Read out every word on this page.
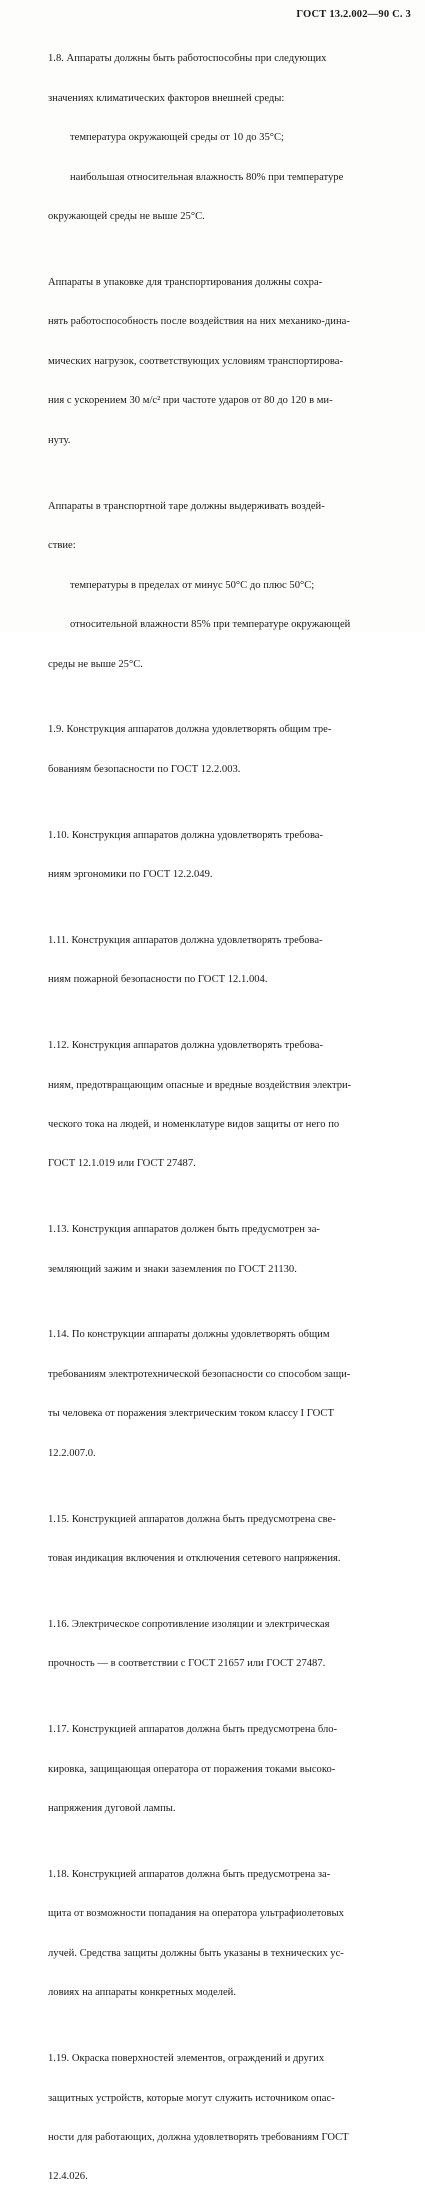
ГОСТ 13.2.002—90 С. 3

1.8. Аппараты должны быть работоспособны при следующих

значениях климатических факторов внешней среды:

температура окружающей среды от 10 до 35°С;

наибольшая относительная влажность 80% при температуре

окружающей среды не выше 25°С.

Аппараты в упаковке для транспортирования должны сохра-

нять работоспособность после воздействия на них механико-динa-

мических нагрузок, соответствующих условиям транспортирова-

ния с ускорением 30 м/с² при частоте ударов от 80 до 120 в ми-

нуту.

Аппараты в транспортной таре должны выдерживать воздей-

ствие:

температуры в пределах от минус 50°С до плюс 50°С;

относительной влажности 85% при температуре окружающей

среды не выше 25°С.

1.9. Конструкция аппаратов должна удовлетворять общим тре-

бованиям безопасности по ГОСТ 12.2.003.

1.10. Конструкция аппаратов должна удовлетворять требова-

ниям эргономики по ГОСТ 12.2.049.

1.11. Конструкция аппаратов должна удовлетворять требова-

ниям пожарной безопасности по ГОСТ 12.1.004.

1.12. Конструкция аппаратов должна удовлетворять требова-

ниям, предотвращающим опасные и вредные воздействия электри-

ческого тока на людей, и номенклатуре видов защиты от него по

ГОСТ 12.1.019 или ГОСТ 27487.

1.13. Конструкция аппаратов должен быть предусмотрен за-

земляющий зажим и знаки заземления по ГОСТ 21130.

1.14. По конструкции аппараты должны удовлетворять общим

требованиям электротехнической безопасности со способом защи-

ты человека от поражения электрическим током классу I ГОСТ

12.2.007.0.

1.15. Конструкцией аппаратов должна быть предусмотрена све-

товая индикация включения и отключения сетевого напряжения.

1.16. Электрическое сопротивление изоляции и электрическая

прочность — в соответствии с ГОСТ 21657 или ГОСТ 27487.

1.17. Конструкцией аппаратов должна быть предусмотрена бло-

кировка, защищающая оператора от поражения токами высоко-

напряжения дуговой лампы.

1.18. Конструкцией аппаратов должна быть предусмотрена за-

щита от возможности попадания на оператора ультрафиолетовых

лучей. Средства защиты должны быть указаны в технических ус-

ловиях на аппараты конкретных моделей.

1.19. Окраска поверхностей элементов, ограждений и других

защитных устройств, которые могут служить источником опас-

ности для работающих, должна удовлетворять требованиям ГОСТ

12.4.026.
